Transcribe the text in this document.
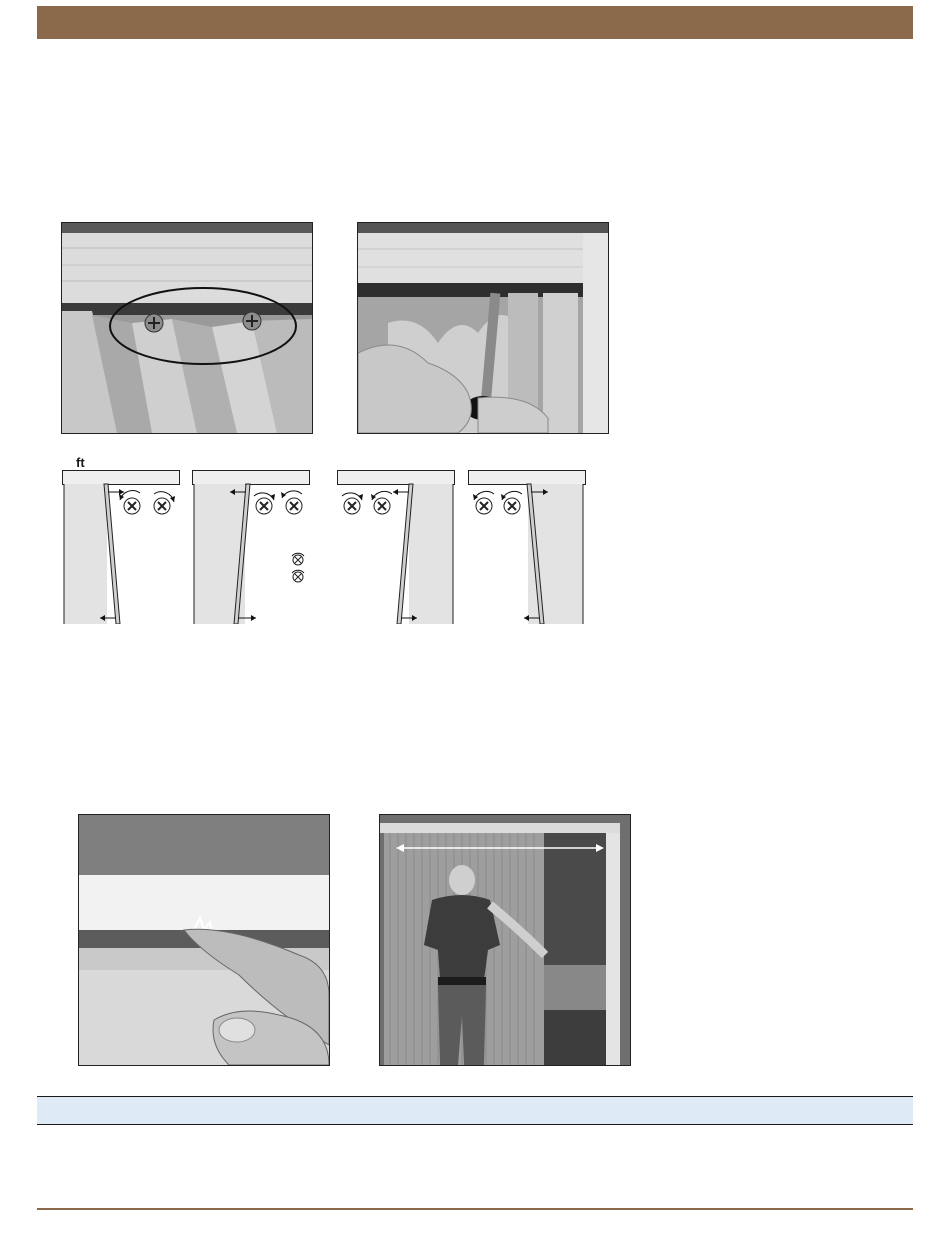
ft
